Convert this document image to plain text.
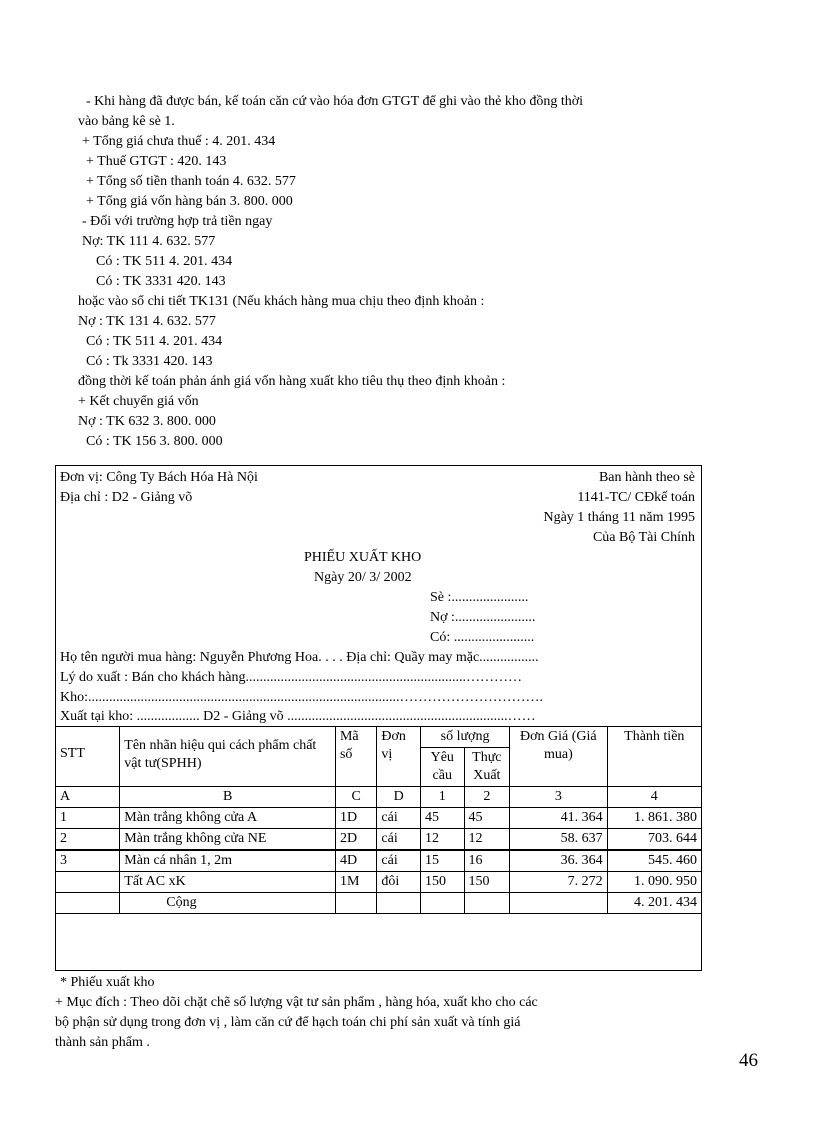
- Khi hàng đã được bán, kế toán căn cứ vào hóa đơn GTGT để ghi vào thẻ kho đồng thời
vào bảng kê sè 1.
+ Tổng giá chưa thuế : 4. 201. 434
+ Thuế GTGT : 420. 143
+ Tổng số tiền thanh toán 4. 632. 577
+ Tổng giá vốn hàng bán 3. 800. 000
- Đối với trường hợp trả tiền ngay
Nợ: TK 111 4. 632. 577
Có : TK 511 4. 201. 434
Có : TK 3331 420. 143
hoặc vào sổ chi tiết TK131 (Nếu khách hàng mua chịu theo định khoản :
Nợ : TK 131 4. 632. 577
Có : TK 511 4. 201. 434
Có : Tk 3331 420. 143
đồng thời kế toán phản ánh giá vốn hàng xuất kho tiêu thụ theo định khoản :
+ Kết chuyển giá vốn
Nợ : TK 632 3. 800. 000
Có : TK 156 3. 800. 000
Đơn vị: Công Ty Bách Hóa Hà Nội
Địa chỉ : D2 - Giảng võ
Ban hành theo sè
1141-TC/ CĐkế toán
Ngày 1 tháng 11 năm 1995
Của Bộ Tài Chính
PHIẾU XUẤT KHO
Ngày 20/ 3/ 2002
Sè :......................
Nợ :.......................
Có: .......................
Họ tên người mua hàng: Nguyễn Phương Hoa. . . . Địa chỉ: Quầy may mặc.................
Lý do xuất : Bán cho khách hàng...............................................................…………
Kho:.........................................................................................………………………….
Xuất tại kho: .................. D2 - Giảng võ ...............................................................……
STT	Tên nhãn hiệu qui cách phẩm chất vật tư(SPHH)	Mã số	Đơn vị	số lượng		Đơn Giá (Giá mua)	Thành tiền
				Yêu cầu	Thực Xuất		
A	B	C	D	1	2	3	4
1	Màn trắng không cửa A	1D	cái	45	45	41. 364	1. 861. 380
2	Màn trắng không cửa NE	2D	cái	12	12	58. 637	703. 644
3	Màn cá nhân 1, 2m	4D	cái	15	16	36. 364	545. 460
	Tất AC xK	1M	đôi	150	150	7. 272	1. 090. 950
	Cộng						4. 201. 434
* Phiếu xuất kho
+ Mục đích : Theo dõi chặt chẽ số lượng vật tư sản phẩm , hàng hóa, xuất kho cho các
bộ phận sử dụng trong đơn vị , làm căn cứ để hạch toán chi phí sản xuất và tính giá
thành sản phẩm .
46
